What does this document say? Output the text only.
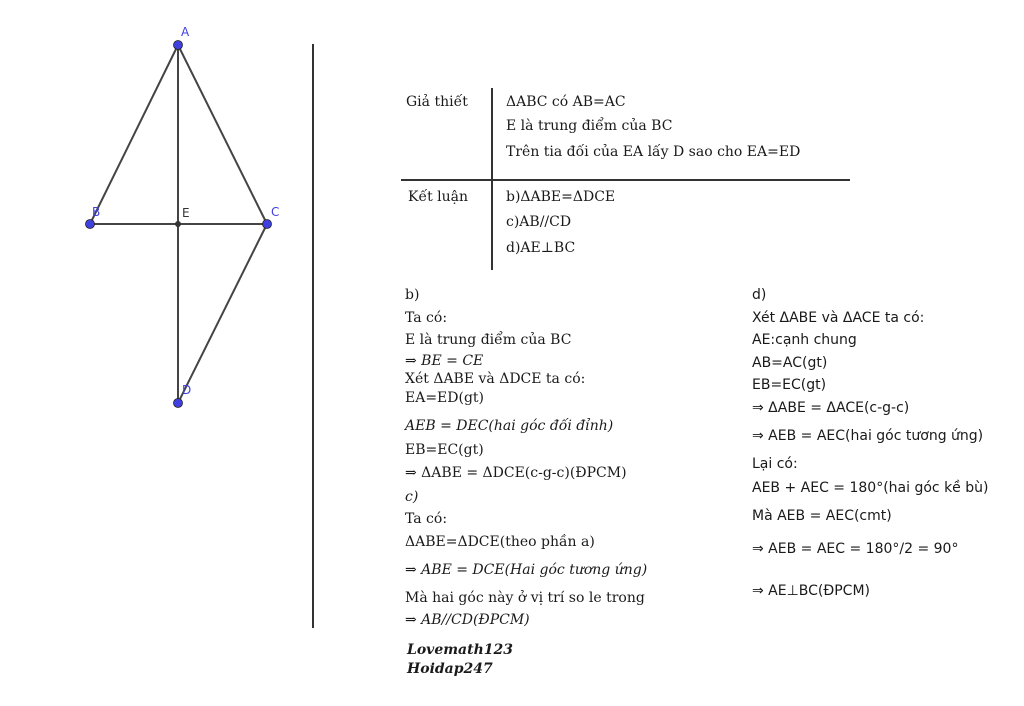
A
B	C
E
D
Giả thiết	ΔABC có AB=AC
E là trung điểm của BC
Trên tia đối của EA lấy D sao cho EA=ED
Kết luận	b)ΔABE=ΔDCE
c)AB//CD
d)AE⊥BC
b)
Ta có:
E là trung điểm của BC
⇒ BE = CE
Xét ΔABE và ΔDCE ta có:
EA=ED(gt)
AEB = DEC(hai góc đối đỉnh)
EB=EC(gt)
⇒ ΔABE = ΔDCE(c-g-c)(ĐPCM)
c)
Ta có:
ΔABE=ΔDCE(theo phần a)
⇒ ABE = DCE(Hai góc tương ứng)
Mà hai góc này ở vị trí so le trong
⇒ AB//CD(ĐPCM)
Lovemath123
Hoidap247
d)
Xét ΔABE và ΔACE ta có:
AE:cạnh chung
AB=AC(gt)
EB=EC(gt)
⇒ ΔABE = ΔACE(c-g-c)
⇒ AEB = AEC(hai góc tương ứng)
Lại có:
AEB + AEC = 180°(hai góc kề bù)
Mà AEB = AEC(cmt)
⇒ AEB = AEC = 180°/2 = 90°
⇒ AE⊥BC(ĐPCM)
